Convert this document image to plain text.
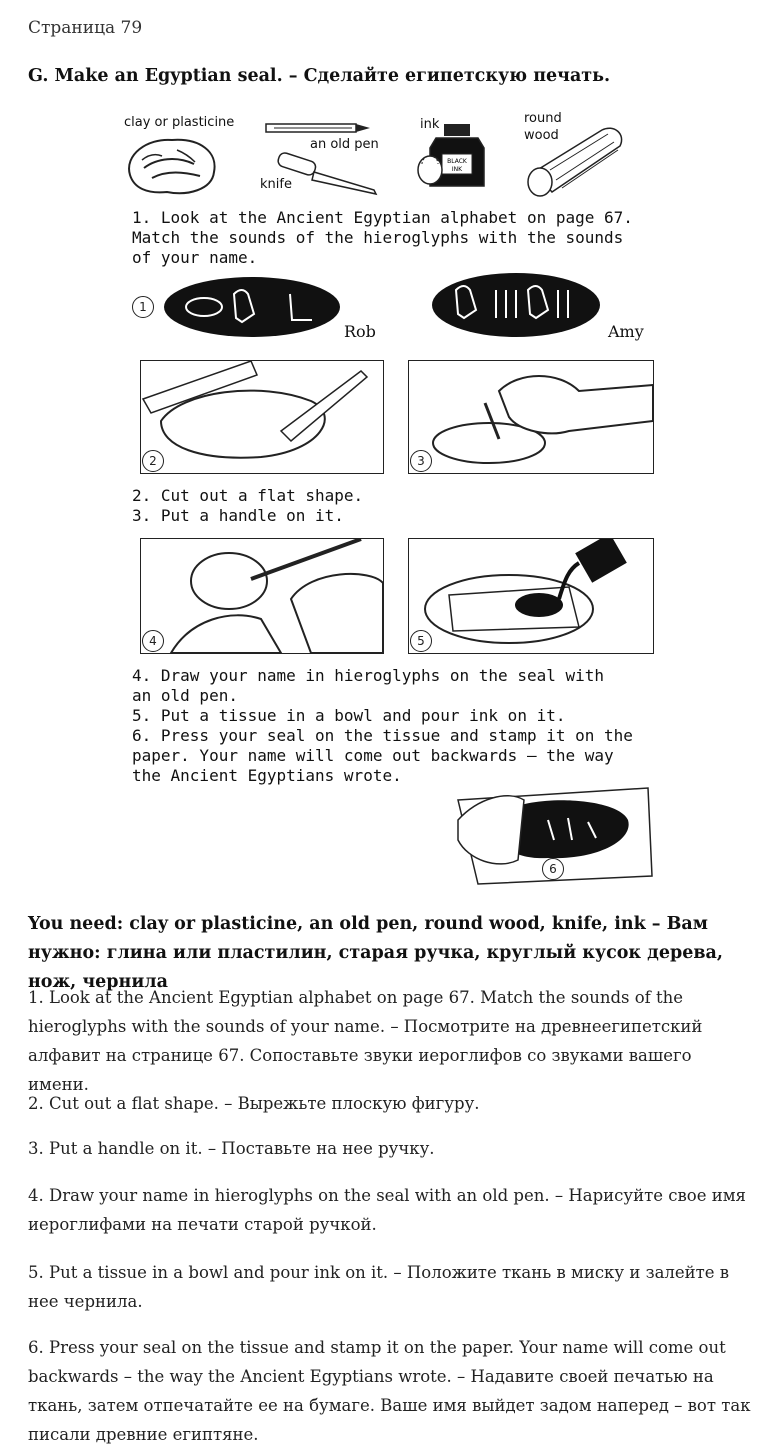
Страница 79
G. Make an Egyptian seal. – Сделайте египетскую печать.
clay or plasticine
an old pen
knife
ink
BLACK
INK
round
wood
1. Look at the Ancient Egyptian alphabet on page 67.
Match the sounds of the hieroglyphs with the sounds
of your name.
1
Rob	Amy
2	3
2. Cut out a flat shape.
3. Put a handle on it.
4	5
4. Draw your name in hieroglyphs on the seal with
an old pen.
5. Put a tissue in a bowl and pour ink on it.
6. Press your seal on the tissue and stamp it on the
paper. Your name will come out backwards — the way
the Ancient Egyptians wrote.
6
You need: clay or plasticine, an old pen, round wood, knife, ink – Вам нужно: глина или пластилин, старая ручка, круглый кусок дерева, нож, чернила
1. Look at the Ancient Egyptian alphabet on page 67. Match the sounds of the hieroglyphs with the sounds of your name. – Посмотрите на древнеегипетский алфавит на странице 67. Сопоставьте звуки иероглифов со звуками вашего имени.
2. Cut out a flat shape. – Вырежьте плоскую фигуру.
3. Put a handle on it. – Поставьте на нее ручку.
4. Draw your name in hieroglyphs on the seal with an old pen. – Нарисуйте свое имя иероглифами на печати старой ручкой.
5. Put a tissue in a bowl and pour ink on it. – Положите ткань в миску и залейте в нее чернила.
6. Press your seal on the tissue and stamp it on the paper. Your name will come out backwards – the way the Ancient Egyptians wrote. – Надавите своей печатью на ткань, затем отпечатайте ее на бумаге. Ваше имя выйдет задом наперед – вот так писали древние египтяне.
